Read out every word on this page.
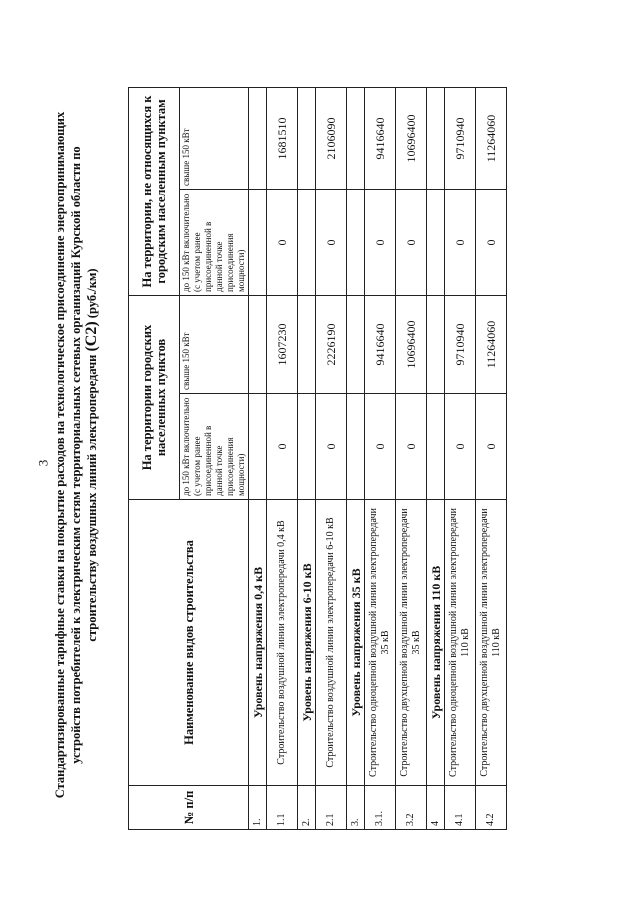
3 Стандартизированные тарифные ставки на покрытие расходов на технологическое присоединение энергопринимающих устройств потребителей к электрическим сетям территориальных сетевых организаций Курской области по строительству воздушных линий электропередачи (С2) (руб./км)
№ п/п	Наименование видов строительства	На территории городских населенных пунктов		На территории, не относящихся к городским населенным пунктам	
		до 150 кВт включительно (с учетом ранее присоединенной в данной точке присоединения мощности)	свыше 150 кВт	до 150 кВт включительно (с учетом ранее присоединенной в данной точке присоединения мощности)	свыше 150 кВт
1.	Уровень напряжения 0,4 кВ				
1.1	Строительство воздушной линии электропередачи 0,4 кВ	0	1607230	0	1681510
2.	Уровень напряжения 6-10 кВ				
2.1	Строительство воздушной линии электропередачи 6-10 кВ	0	2226190	0	2106090
3.	Уровень напряжения 35 кВ				
3.1.	Строительство одноцепной воздушной линии электропередачи 35 кВ	0	9416640	0	9416640
3.2	Строительство двухцепной воздушной линии электропередачи 35 кВ	0	10696400	0	10696400
4	Уровень напряжения 110 кВ				
4.1	Строительство одноцепной воздушной линии электропередачи 110 кВ	0	9710940	0	9710940
4.2	Строительство двухцепной воздушной линии электропередачи 110 кВ	0	11264060	0	11264060
